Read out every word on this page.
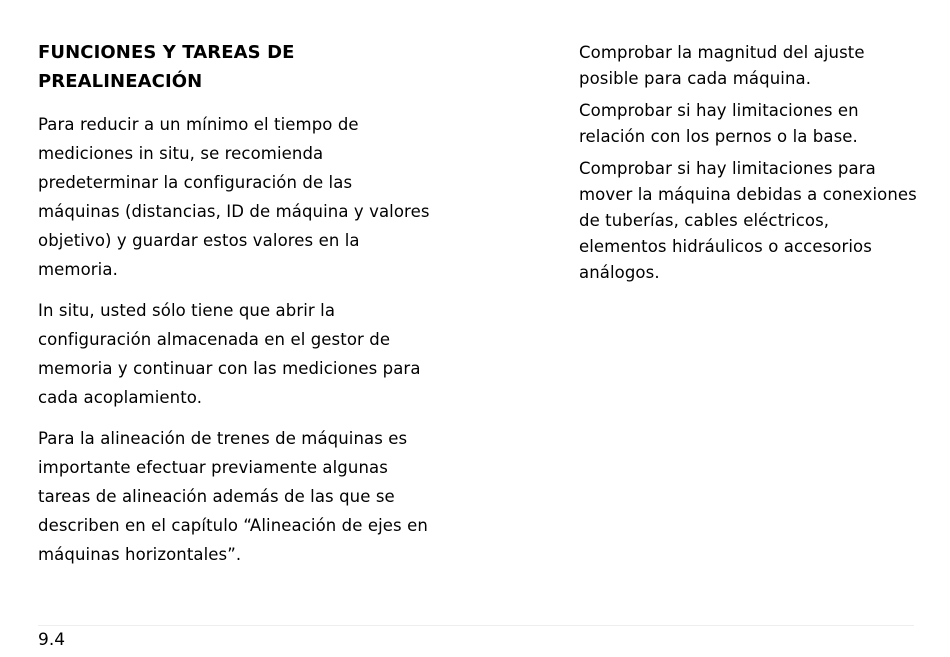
FUNCIONES Y TAREAS DE PREALINEACIÓN

Para reducir a un mínimo el tiempo de mediciones in situ, se recomienda predeterminar la configuración de las máquinas (distancias, ID de máquina y valores objetivo) y guardar estos valores en la memoria.

In situ, usted sólo tiene que abrir la configuración almacenada en el gestor de memoria y continuar con las mediciones para cada acoplamiento.

Para la alineación de trenes de máquinas es importante efectuar previamente algunas tareas de alineación además de las que se describen en el capítulo “Alineación de ejes en máquinas horizontales”.

Comprobar la magnitud del ajuste posible para cada máquina.

Comprobar si hay limitaciones en relación con los pernos o la base.

Comprobar si hay limitaciones para mover la máquina debidas a conexiones de tuberías, cables eléctricos, elementos hidráulicos o accesorios análogos.

9.4
